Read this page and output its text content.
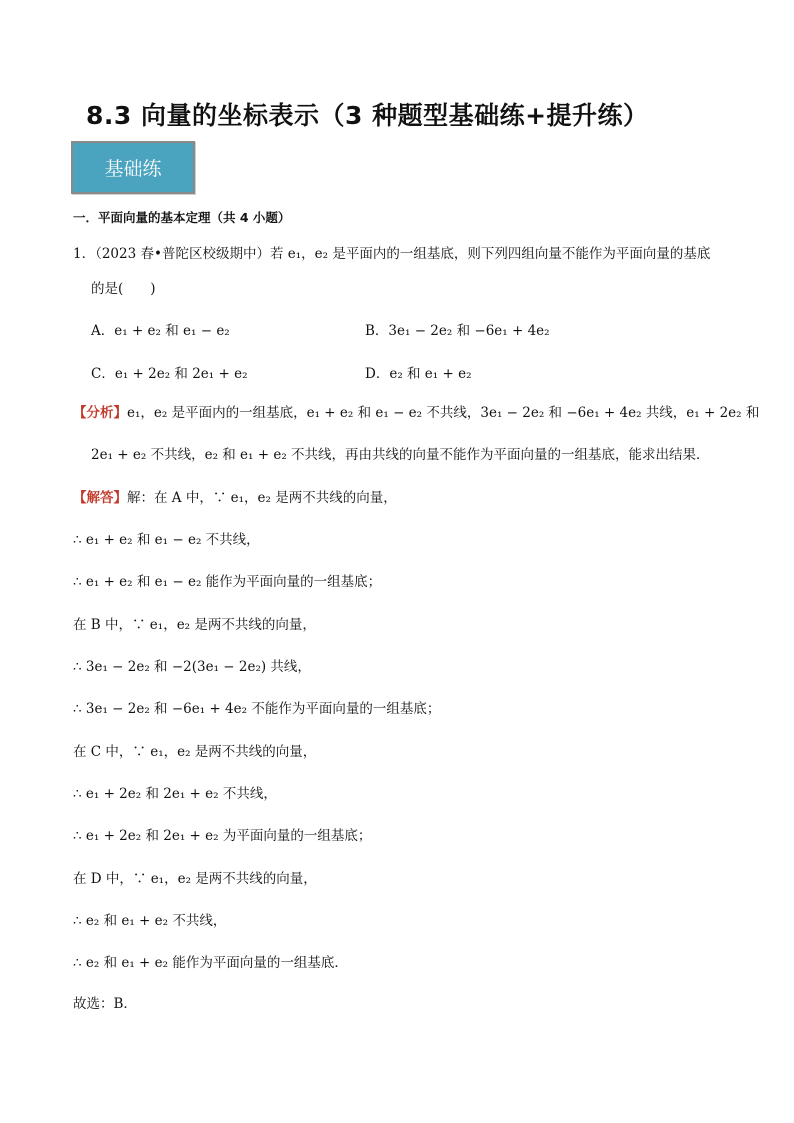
8.3 向量的坐标表示（3 种题型基础练+提升练）
基础练
一．平面向量的基本定理（共 4 小题）
1．（2023 春•普陀区校级期中）若 e₁，e₂ 是平面内的一组基底，则下列四组向量不能作为平面向量的基底
的是(　　)
A．e₁ + e₂ 和 e₁ − e₂	B．3e₁ − 2e₂ 和 −6e₁ + 4e₂
C．e₁ + 2e₂ 和 2e₁ + e₂	D．e₂ 和 e₁ + e₂
【分析】e₁，e₂ 是平面内的一组基底，e₁ + e₂ 和 e₁ − e₂ 不共线，3e₁ − 2e₂ 和 −6e₁ + 4e₂ 共线，e₁ + 2e₂ 和
2e₁ + e₂ 不共线，e₂ 和 e₁ + e₂ 不共线，再由共线的向量不能作为平面向量的一组基底，能求出结果．
【解答】解：在 A 中，∵ e₁，e₂ 是两不共线的向量，
∴ e₁ + e₂ 和 e₁ − e₂ 不共线，
∴ e₁ + e₂ 和 e₁ − e₂ 能作为平面向量的一组基底；
在 B 中，∵ e₁，e₂ 是两不共线的向量，
∴ 3e₁ − 2e₂ 和 −2(3e₁ − 2e₂) 共线，
∴ 3e₁ − 2e₂ 和 −6e₁ + 4e₂ 不能作为平面向量的一组基底；
在 C 中，∵ e₁，e₂ 是两不共线的向量，
∴ e₁ + 2e₂ 和 2e₁ + e₂ 不共线，
∴ e₁ + 2e₂ 和 2e₁ + e₂ 为平面向量的一组基底；
在 D 中，∵ e₁，e₂ 是两不共线的向量，
∴ e₂ 和 e₁ + e₂ 不共线，
∴ e₂ 和 e₁ + e₂ 能作为平面向量的一组基底．
故选：B．
